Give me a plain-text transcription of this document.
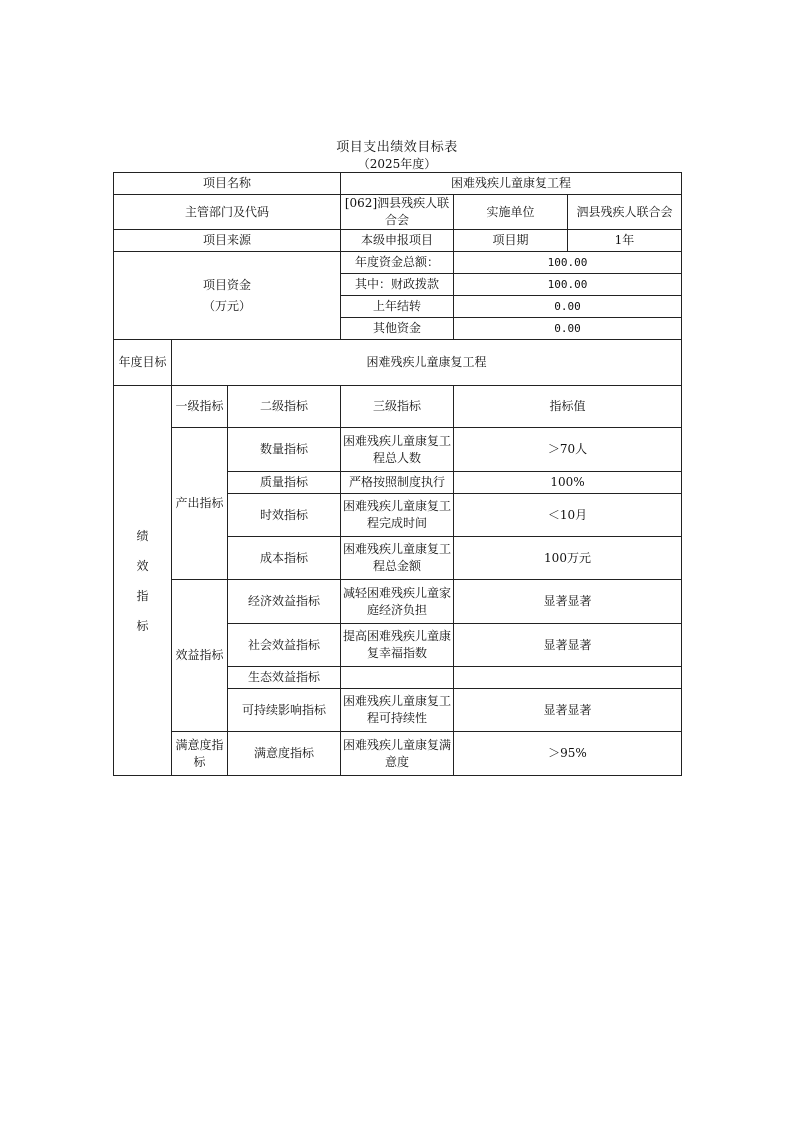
项目支出绩效目标表
（2025年度）
项目名称			困难残疾儿童康复工程		
主管部门及代码			[062]泗县残疾人联合会	实施单位	泗县残疾人联合会
项目来源			本级申报项目	项目期	1年

项目资金
（万元）			年度资金总额：	100.00	
			其中：财政拨款	100.00	
			上年结转	0.00	
			其他资金	0.00	
年度目标	困难残疾儿童康复工程				

绩
效
指
标	一级指标	二级指标	三级指标	指标值	
	产出指标	数量指标	困难残疾儿童康复工程总人数	＞70人	
		质量指标	严格按照制度执行	100%	
		时效指标	困难残疾儿童康复工程完成时间	＜10月	
		成本指标	困难残疾儿童康复工程总金额	100万元	
	效益指标	经济效益指标	减轻困难残疾儿童家庭经济负担	显著显著	
		社会效益指标	提高困难残疾儿童康复幸福指数	显著显著	
		生态效益指标			
		可持续影响指标	困难残疾儿童康复工程可持续性	显著显著	
	满意度指标	满意度指标	困难残疾儿童康复满意度	＞95%	
